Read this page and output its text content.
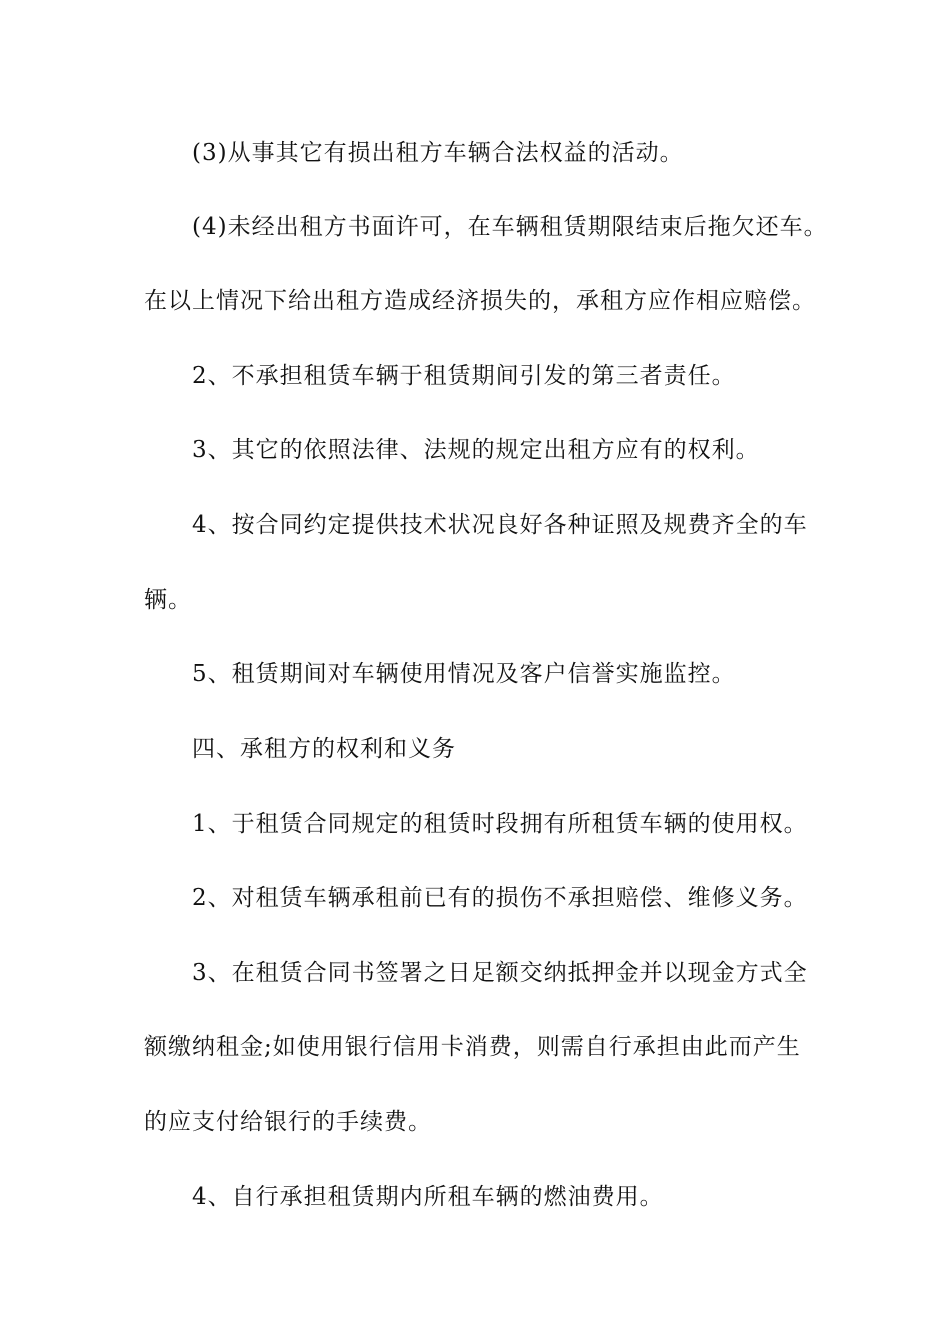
(3)从事其它有损出租方车辆合法权益的活动。
(4)未经出租方书面许可，在车辆租赁期限结束后拖欠还车。
在以上情况下给出租方造成经济损失的，承租方应作相应赔偿。
2、不承担租赁车辆于租赁期间引发的第三者责任。
3、其它的依照法律、法规的规定出租方应有的权利。
4、按合同约定提供技术状况良好各种证照及规费齐全的车
辆。
5、租赁期间对车辆使用情况及客户信誉实施监控。
四、承租方的权利和义务
1、于租赁合同规定的租赁时段拥有所租赁车辆的使用权。
2、对租赁车辆承租前已有的损伤不承担赔偿、维修义务。
3、在租赁合同书签署之日足额交纳抵押金并以现金方式全
额缴纳租金;如使用银行信用卡消费，则需自行承担由此而产生
的应支付给银行的手续费。
4、自行承担租赁期内所租车辆的燃油费用。
